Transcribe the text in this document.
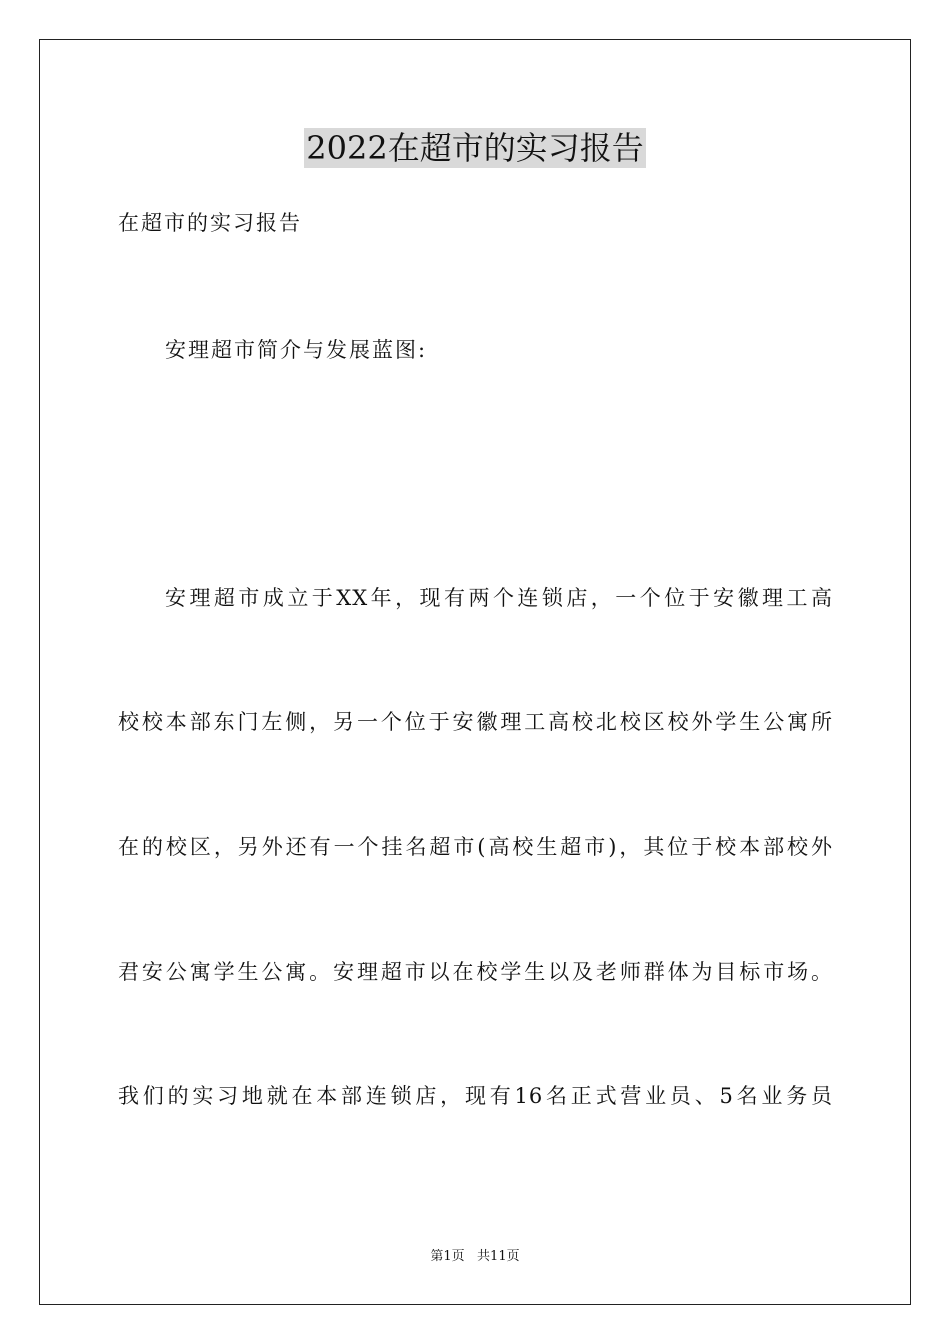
2022在超市的实习报告
在超市的实习报告
安理超市简介与发展蓝图:
安理超市成立于XX年，现有两个连锁店，一个位于安徽理工高
校校本部东门左侧，另一个位于安徽理工高校北校区校外学生公寓所
在的校区，另外还有一个挂名超市(高校生超市)，其位于校本部校外
君安公寓学生公寓。安理超市以在校学生以及老师群体为目标市场。
我们的实习地就在本部连锁店，现有16名正式营业员、5名业务员
第1页   共11页
